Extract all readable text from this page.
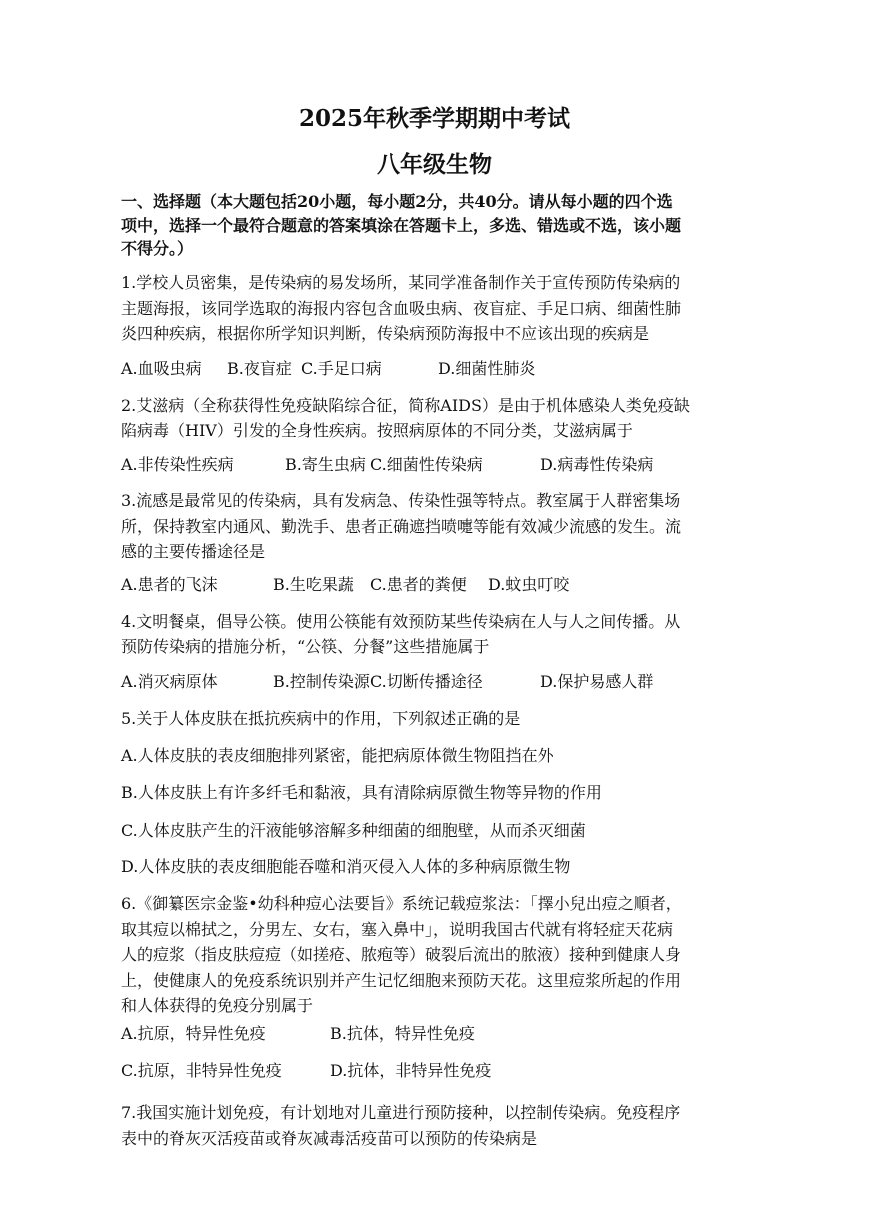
2025年秋季学期期中考试
八年级生物
一、选择题（本大题包括20小题，每小题2分，共40分。请从每小题的四个选
项中，选择一个最符合题意的答案填涂在答题卡上，多选、错选或不选，该小题
不得分。）
1.学校人员密集，是传染病的易发场所，某同学准备制作关于宣传预防传染病的
主题海报，该同学选取的海报内容包含血吸虫病、夜盲症、手足口病、细菌性肺
炎四种疾病，根据你所学知识判断，传染病预防海报中不应该出现的疾病是
A.血吸虫病 B.夜盲症 C.手足口病	D.细菌性肺炎
2.艾滋病（全称获得性免疫缺陷综合征，简称AIDS）是由于机体感染人类免疫缺
陷病毒（HIV）引发的全身性疾病。按照病原体的不同分类，艾滋病属于
A.非传染性疾病	B.寄生虫病 C.细菌性传染病	D.病毒性传染病
3.流感是最常见的传染病，具有发病急、传染性强等特点。教室属于人群密集场
所，保持教室内通风、勤洗手、患者正确遮挡喷嚏等能有效减少流感的发生。流
感的主要传播途径是
A.患者的飞沫	B.生吃果蔬 C.患者的粪便 D.蚊虫叮咬
4.文明餐桌，倡导公筷。使用公筷能有效预防某些传染病在人与人之间传播。从
预防传染病的措施分析，“公筷、分餐”这些措施属于
A.消灭病原体	B.控制传染源 C.切断传播途径	D.保护易感人群
5.关于人体皮肤在抵抗疾病中的作用，下列叙述正确的是
A.人体皮肤的表皮细胞排列紧密，能把病原体微生物阻挡在外
B.人体皮肤上有许多纤毛和黏液，具有清除病原微生物等异物的作用
C.人体皮肤产生的汗液能够溶解多种细菌的细胞壁，从而杀灭细菌
D.人体皮肤的表皮细胞能吞噬和消灭侵入人体的多种病原微生物
6.《御纂医宗金鉴•幼科种痘心法要旨》系统记载痘浆法：「擇小兒出痘之順者，
取其痘以棉拭之，分男左、女右，塞入鼻中」，说明我国古代就有将轻症天花病
人的痘浆（指皮肤痘痘（如搓疮、脓疱等）破裂后流出的脓液）接种到健康人身
上，使健康人的免疫系统识别并产生记忆细胞来预防天花。这里痘浆所起的作用
和人体获得的免疫分别属于
A.抗原，特异性免疫	B.抗体，特异性免疫
C.抗原，非特异性免疫	D.抗体，非特异性免疫
7.我国实施计划免疫，有计划地对儿童进行预防接种，以控制传染病。免疫程序
表中的脊灰灭活疫苗或脊灰减毒活疫苗可以预防的传染病是
